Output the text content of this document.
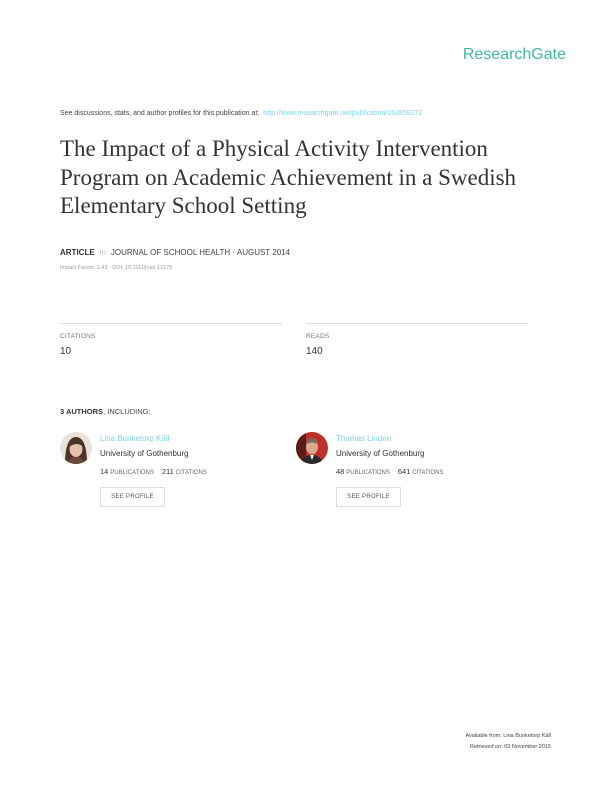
ResearchGate
See discussions, stats, and author profiles for this publication at: http://www.researchgate.net/publication/263859272
The Impact of a Physical Activity Intervention
Program on Academic Achievement in a Swedish
Elementary School Setting
ARTICLE in JOURNAL OF SCHOOL HEALTH · AUGUST 2014
Impact Factor: 1.43 · DOI: 10.1111/josh.12179
CITATIONS
10
READS
140
3 AUTHORS, INCLUDING:
Lina Bunketorp Käll
University of Gothenburg
14 PUBLICATIONS 211 CITATIONS
SEE PROFILE
Thomas Linden
University of Gothenburg
48 PUBLICATIONS 641 CITATIONS
SEE PROFILE
Available from: Lina Bunketorp Käll
Retrieved on: 03 November 2015
